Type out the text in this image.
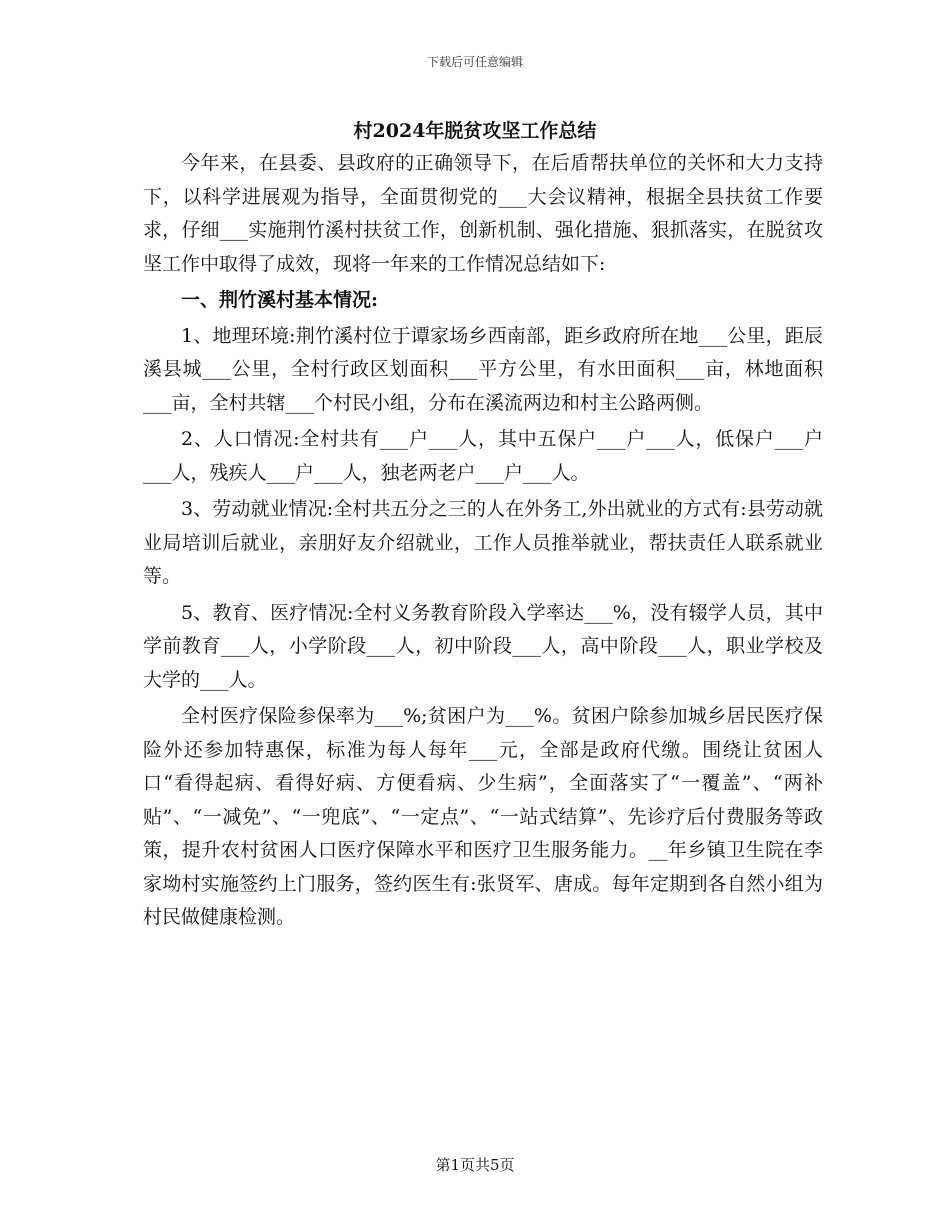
下载后可任意编辑
村2024年脱贫攻坚工作总结

今年来，在县委、县政府的正确领导下，在后盾帮扶单位的关怀和大力支持下，以科学进展观为指导，全面贯彻党的___大会议精神，根据全县扶贫工作要求，仔细___实施荆竹溪村扶贫工作，创新机制、强化措施、狠抓落实，在脱贫攻坚工作中取得了成效，现将一年来的工作情况总结如下:

一、荆竹溪村基本情况:

1、地理环境:荆竹溪村位于谭家场乡西南部，距乡政府所在地___公里，距辰溪县城___公里，全村行政区划面积___平方公里，有水田面积___亩，林地面积___亩，全村共辖___个村民小组，分布在溪流两边和村主公路两侧。

2、人口情况:全村共有___户___人，其中五保户___户___人，低保户___户___人，残疾人___户___人，独老两老户___户___人。

3、劳动就业情况:全村共五分之三的人在外务工,外出就业的方式有:县劳动就业局培训后就业，亲朋好友介绍就业，工作人员推举就业，帮扶责任人联系就业等。

5、教育、医疗情况:全村义务教育阶段入学率达___%，没有辍学人员，其中学前教育___人，小学阶段___人，初中阶段___人，高中阶段___人，职业学校及大学的___人。

全村医疗保险参保率为___%;贫困户为___%。贫困户除参加城乡居民医疗保险外还参加特惠保，标准为每人每年___元，全部是政府代缴。围绕让贫困人口“看得起病、看得好病、方便看病、少生病”，全面落实了“一覆盖”、“两补贴”、“一减免”、“一兜底”、“一定点”、“一站式结算”、先诊疗后付费服务等政策，提升农村贫困人口医疗保障水平和医疗卫生服务能力。__年乡镇卫生院在李家坳村实施签约上门服务，签约医生有:张贤军、唐成。每年定期到各自然小组为村民做健康检测。

第1页共5页
